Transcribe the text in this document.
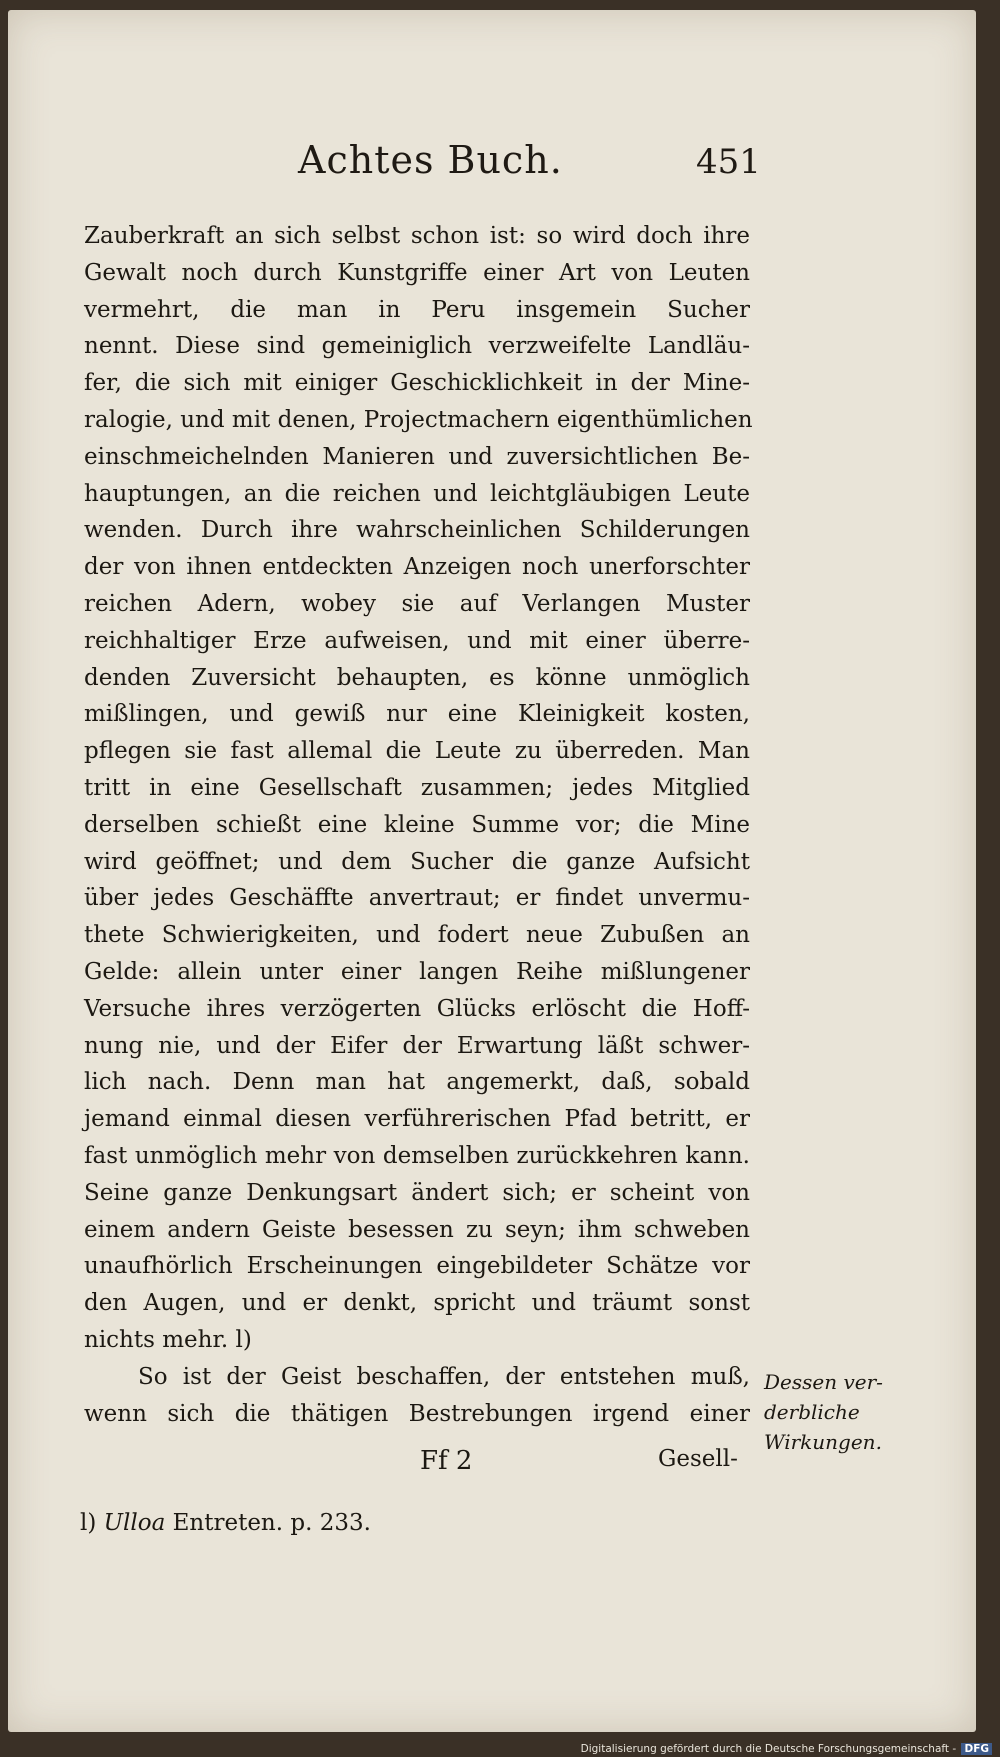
Achtes Buch.	451
Zauberkraft an sich selbst schon ist: so wird doch ihre
Gewalt noch durch Kunstgriffe einer Art von Leuten
vermehrt, die man in Peru insgemein Sucher
nennt. Diese sind gemeiniglich verzweifelte Landläu-
fer, die sich mit einiger Geschicklichkeit in der Mine-
ralogie, und mit denen, Projectmachern eigenthümlichen
einschmeichelnden Manieren und zuversichtlichen Be-
hauptungen, an die reichen und leichtgläubigen Leute
wenden. Durch ihre wahrscheinlichen Schilderungen
der von ihnen entdeckten Anzeigen noch unerforschter
reichen Adern, wobey sie auf Verlangen Muster
reichhaltiger Erze aufweisen, und mit einer überre-
denden Zuversicht behaupten, es könne unmöglich
mißlingen, und gewiß nur eine Kleinigkeit kosten,
pflegen sie fast allemal die Leute zu überreden. Man
tritt in eine Gesellschaft zusammen; jedes Mitglied
derselben schießt eine kleine Summe vor; die Mine
wird geöffnet; und dem Sucher die ganze Aufsicht
über jedes Geschäffte anvertraut; er findet unvermu-
thete Schwierigkeiten, und fodert neue Zubußen an
Gelde: allein unter einer langen Reihe mißlungener
Versuche ihres verzögerten Glücks erlöscht die Hoff-
nung nie, und der Eifer der Erwartung läßt schwer-
lich nach. Denn man hat angemerkt, daß, sobald
jemand einmal diesen verführerischen Pfad betritt, er
fast unmöglich mehr von demselben zurückkehren kann.
Seine ganze Denkungsart ändert sich; er scheint von
einem andern Geiste besessen zu seyn; ihm schweben
unaufhörlich Erscheinungen eingebildeter Schätze vor
den Augen, und er denkt, spricht und träumt sonst
nichts mehr. l)
So ist der Geist beschaffen, der entstehen muß,
wenn sich die thätigen Bestrebungen irgend einer
Dessen ver-
derbliche
Wirkungen.
Ff 2	Gesell-
l) Ulloa Entreten. p. 233.
Digitalisierung gefördert durch die Deutsche Forschungsgemeinschaft - DFG
